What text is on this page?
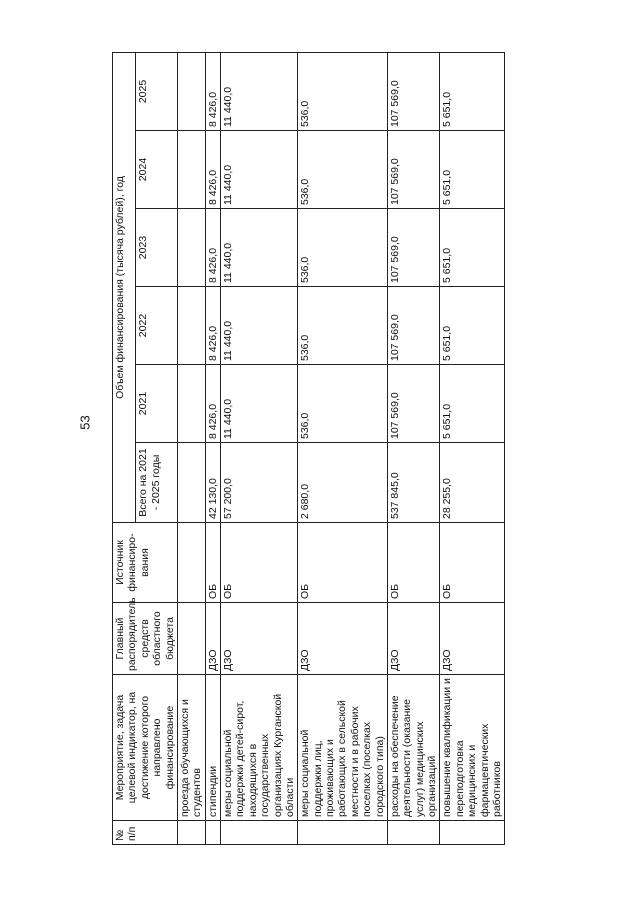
53
№ п/п	Мероприятие, задача целевой индикатор, на достижение которого направлено финансирование	Главный распорядитель средств областного бюджета	Источник финансиро-вания	Объем финансирования (тысяча рублей), год					
				Всего на 2021 - 2025 годы	2021	2022	2023	2024	2025
	проезда обучающихся и студентов								
	стипендии	ДЗО	ОБ	42 130,0	8 426,0	8 426,0	8 426,0	8 426,0	8 426,0
	меры социальной поддержки детей-сирот, находящихся в государственных организациях Курганской области	ДЗО	ОБ	57 200,0	11 440,0	11 440,0	11 440,0	11 440,0	11 440,0
	меры социальной поддержки лиц, проживающих и работающих в сельской местности и в рабочих поселках (поселках городского типа)	ДЗО	ОБ	2 680,0	536,0	536,0	536,0	536,0	536,0
	расходы на обеспечение деятельности (оказание услуг) медицинских организаций	ДЗО	ОБ	537 845,0	107 569,0	107 569,0	107 569,0	107 569,0	107 569,0
	повышение квалификации и переподготовка медицинских и фармацевтических работников	ДЗО	ОБ	28 255,0	5 651,0	5 651,0	5 651,0	5 651,0	5 651,0
